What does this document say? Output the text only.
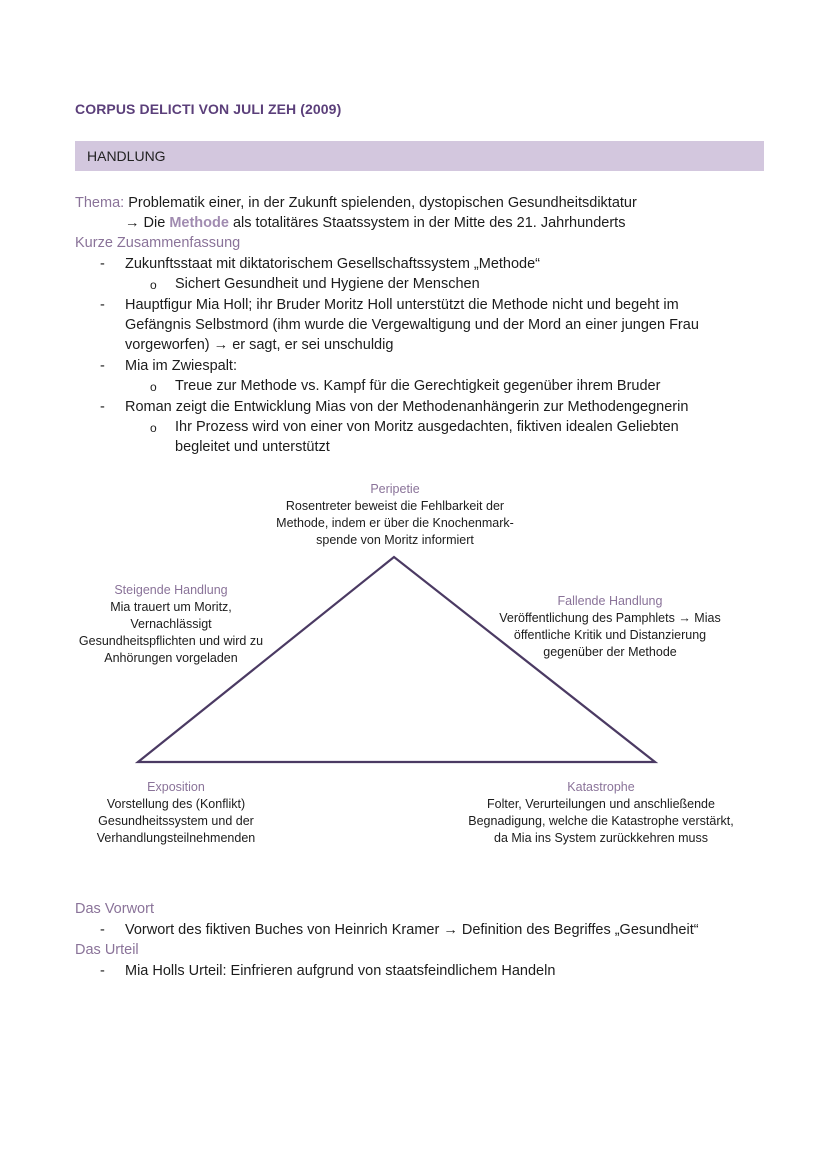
CORPUS DELICTI VON JULI ZEH (2009)
HANDLUNG
Thema: Problematik einer, in der Zukunft spielenden, dystopischen Gesundheitsdiktatur
→ Die Methode als totalitäres Staatssystem in der Mitte des 21. Jahrhunderts
Kurze Zusammenfassung
- Zukunftsstaat mit diktatorischem Gesellschaftssystem „Methode“
o Sichert Gesundheit und Hygiene der Menschen
- Hauptfigur Mia Holl; ihr Bruder Moritz Holl unterstützt die Methode nicht und begeht im
Gefängnis Selbstmord (ihm wurde die Vergewaltigung und der Mord an einer jungen Frau
vorgeworfen) → er sagt, er sei unschuldig
- Mia im Zwiespalt:
o Treue zur Methode vs. Kampf für die Gerechtigkeit gegenüber ihrem Bruder
- Roman zeigt die Entwicklung Mias von der Methodenanhängerin zur Methodengegnerin
o Ihr Prozess wird von einer von Moritz ausgedachten, fiktiven idealen Geliebten
begleitet und unterstützt
Peripetie
Rosentreter beweist die Fehlbarkeit der
Methode, indem er über die Knochenmark-
spende von Moritz informiert
Steigende Handlung
Mia trauert um Moritz,
Vernachlässigt
Gesundheitspflichten und wird zu
Anhörungen vorgeladen
Fallende Handlung
Veröffentlichung des Pamphlets → Mias
öffentliche Kritik und Distanzierung
gegenüber der Methode
Exposition
Vorstellung des (Konflikt)
Gesundheitssystem und der
Verhandlungsteilnehmenden
Katastrophe
Folter, Verurteilungen und anschließende
Begnadigung, welche die Katastrophe verstärkt,
da Mia ins System zurückkehren muss
Das Vorwort
- Vorwort des fiktiven Buches von Heinrich Kramer → Definition des Begriffes „Gesundheit“
Das Urteil
- Mia Holls Urteil: Einfrieren aufgrund von staatsfeindlichem Handeln
